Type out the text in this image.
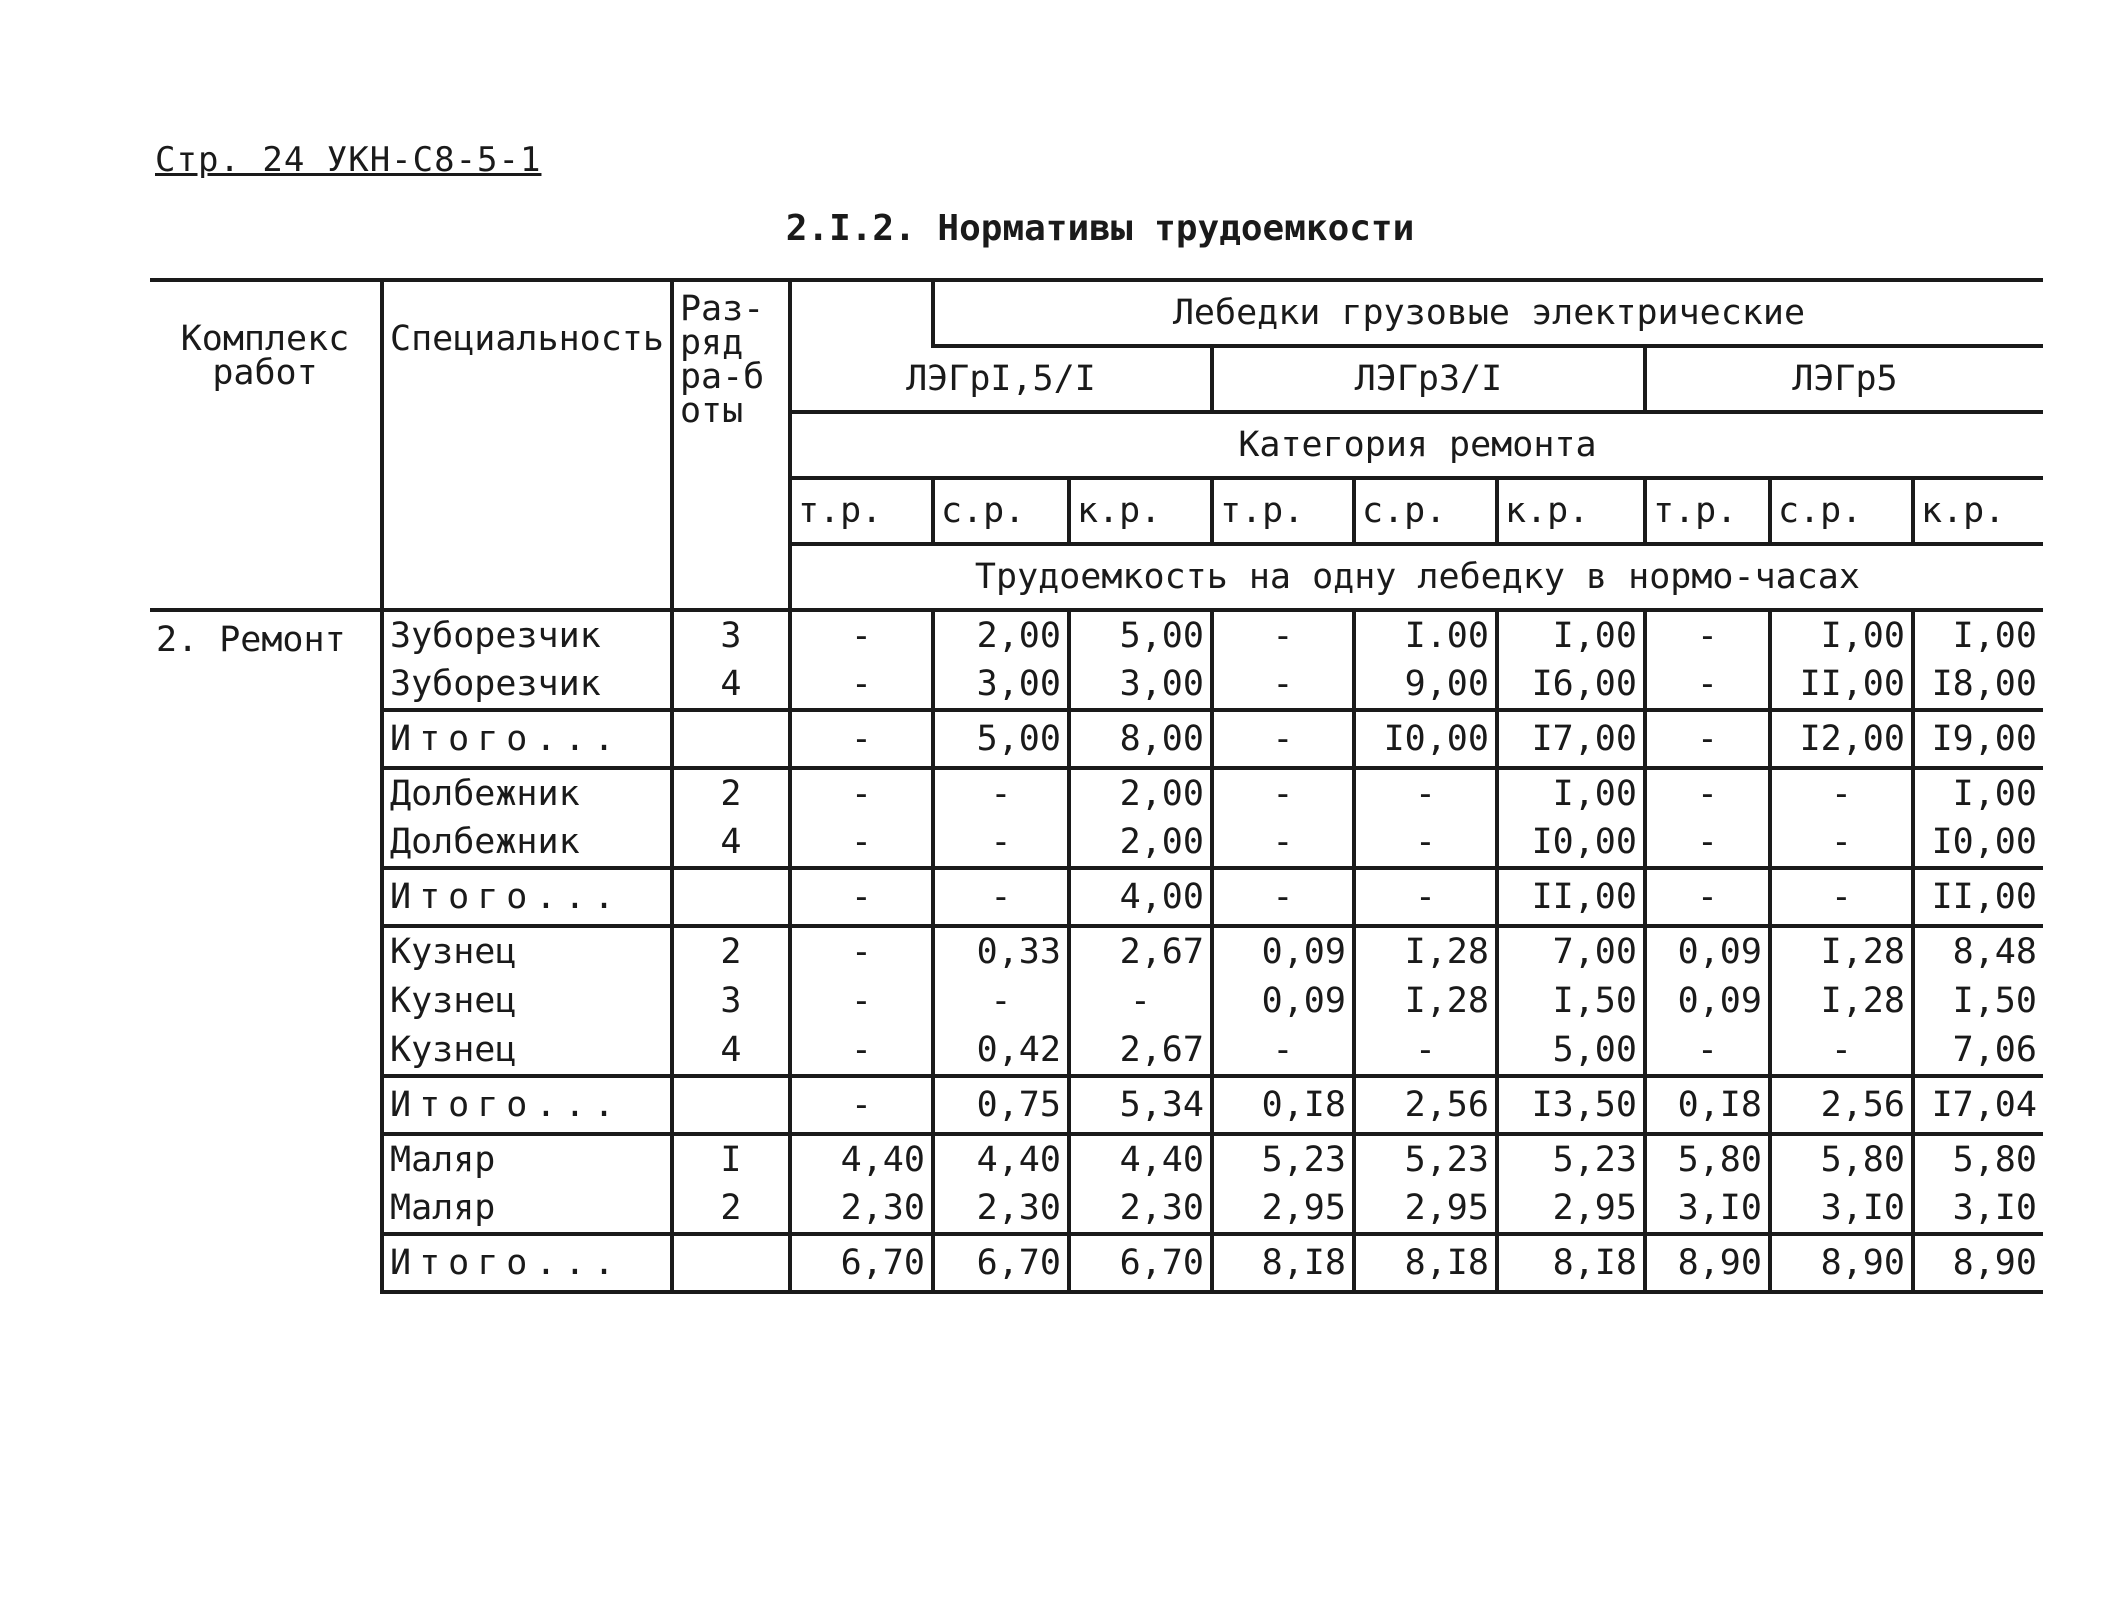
Стр. 24 УКН-С8-5-1
2.I.2. Нормативы трудоемкости
Комплекс работ	Специальность	Раз-ряд ра-боты		Лебедки грузовые электрические							
			ЛЭГрI,5/I			ЛЭГр3/I			ЛЭГр5		
			Категория ремонта								
			т.р.	с.р.	к.р.	т.р.	с.р.	к.р.	т.р.	с.р.	к.р.
			Трудоемкость на одну лебедку в нормо-часах								
2. Ремонт	Зуборезчик	3	-	2,00	5,00	-	I.00	I,00	-	I,00	I,00
	Зуборезчик	4	-	3,00	3,00	-	9,00	I6,00	-	II,00	I8,00
	Итого...		-	5,00	8,00	-	I0,00	I7,00	-	I2,00	I9,00
	Долбежник	2	-	-	2,00	-	-	I,00	-	-	I,00
	Долбежник	4	-	-	2,00	-	-	I0,00	-	-	I0,00
	Итого...		-	-	4,00	-	-	II,00	-	-	II,00
	Кузнец	2	-	0,33	2,67	0,09	I,28	7,00	0,09	I,28	8,48
	Кузнец	3	-	-	-	0,09	I,28	I,50	0,09	I,28	I,50
	Кузнец	4	-	0,42	2,67	-	-	5,00	-	-	7,06
	Итого...		-	0,75	5,34	0,I8	2,56	I3,50	0,I8	2,56	I7,04
	Маляр	I	4,40	4,40	4,40	5,23	5,23	5,23	5,80	5,80	5,80
	Маляр	2	2,30	2,30	2,30	2,95	2,95	2,95	3,I0	3,I0	3,I0
	Итого...		6,70	6,70	6,70	8,I8	8,I8	8,I8	8,90	8,90	8,90
